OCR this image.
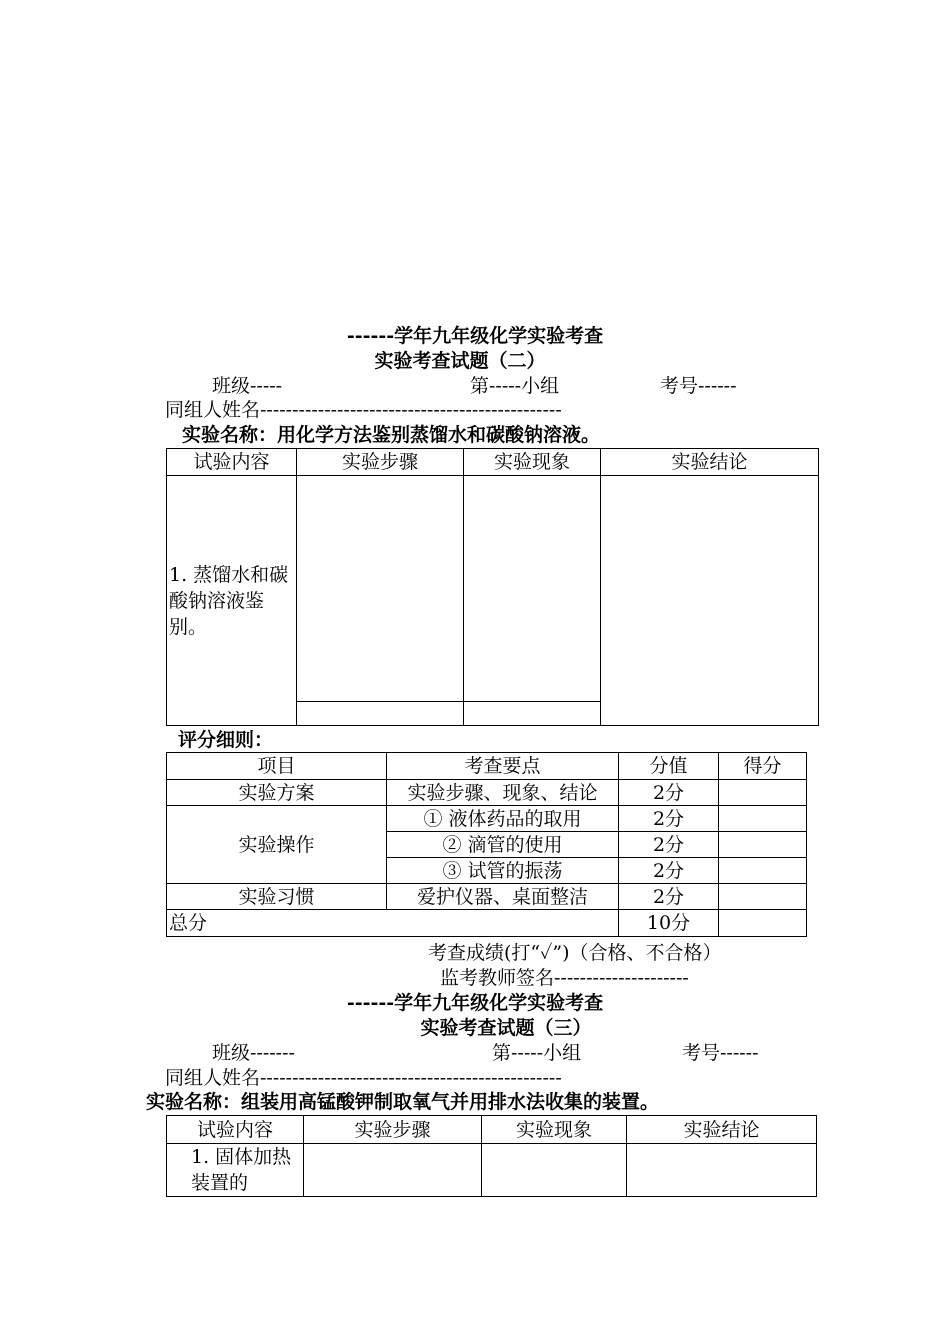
------学年九年级化学实验考查
实验考查试题（二）
班级-----	第-----小组	考号------
同组人姓名-----------------------------------------------
实验名称：用化学方法鉴别蒸馏水和碳酸钠溶液。
试验内容	实验步骤	实验现象	实验结论
1. 蒸馏水和碳酸钠溶液鉴别。			

评分细则：
项目	考查要点	分值	得分
实验方案	实验步骤、现象、结论	2分	
实验操作	① 液体药品的取用	2分	
	② 滴管的使用	2分	
	③ 试管的振荡	2分	
实验习惯	爱护仪器、桌面整洁	2分	
总分		10分	
考查成绩(打“✓”)（合格、不合格）
监考教师签名---------------------
------学年九年级化学实验考查
实验考查试题（三）
班级-------	第-----小组	考号------
同组人姓名-----------------------------------------------
实验名称：组装用高锰酸钾制取氧气并用排水法收集的装置。
试验内容	实验步骤	实验现象	实验结论
1. 固体加热装置的			
